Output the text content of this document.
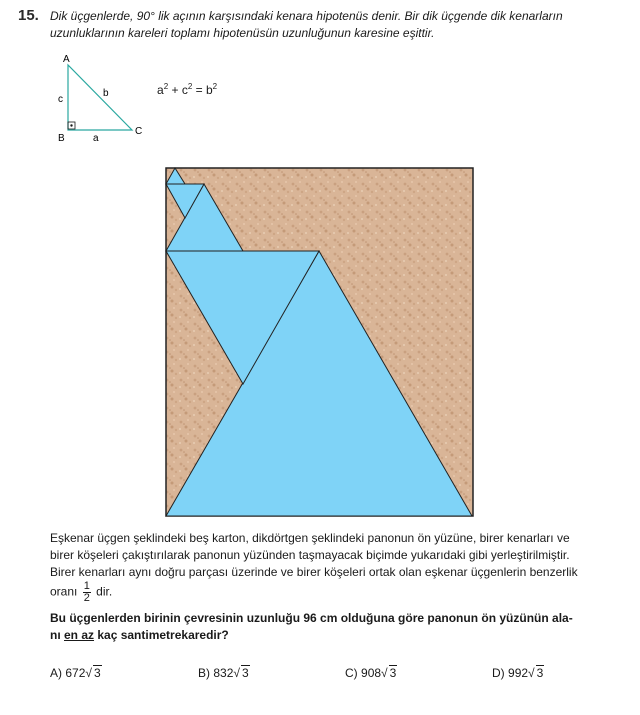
15. Dik üçgenlerde, 90° lik açının karşısındaki kenara hipotenüs denir. Bir dik üçgende dik kenarların
uzunluklarının kareleri toplamı hipotenüsün uzunluğunun karesine eşittir.

A
B
C
a
b
c
$a^2 + c^2 = b^2$

Eşkenar üçgen şeklindeki beş karton, dikdörtgen şeklindeki panonun ön yüzüne, birer kenarları ve
birer köşeleri çakıştırılarak panonun yüzünden taşmayacak biçimde yukarıdaki gibi yerleştirilmiştir.
Birer kenarları aynı doğru parçası üzerinde ve birer köşeleri ortak olan eşkenar üçgenlerin benzerlik
oranı $\frac{1}{2}$ dir.

Bu üçgenlerden birinin çevresinin uzunluğu 96 cm olduğuna göre panonun ön yüzünün ala-
nı en az kaç santimetrekaredir?

A) 672√ 3	B) 832√ 3	C) 908√ 3	D) 992√ 3
